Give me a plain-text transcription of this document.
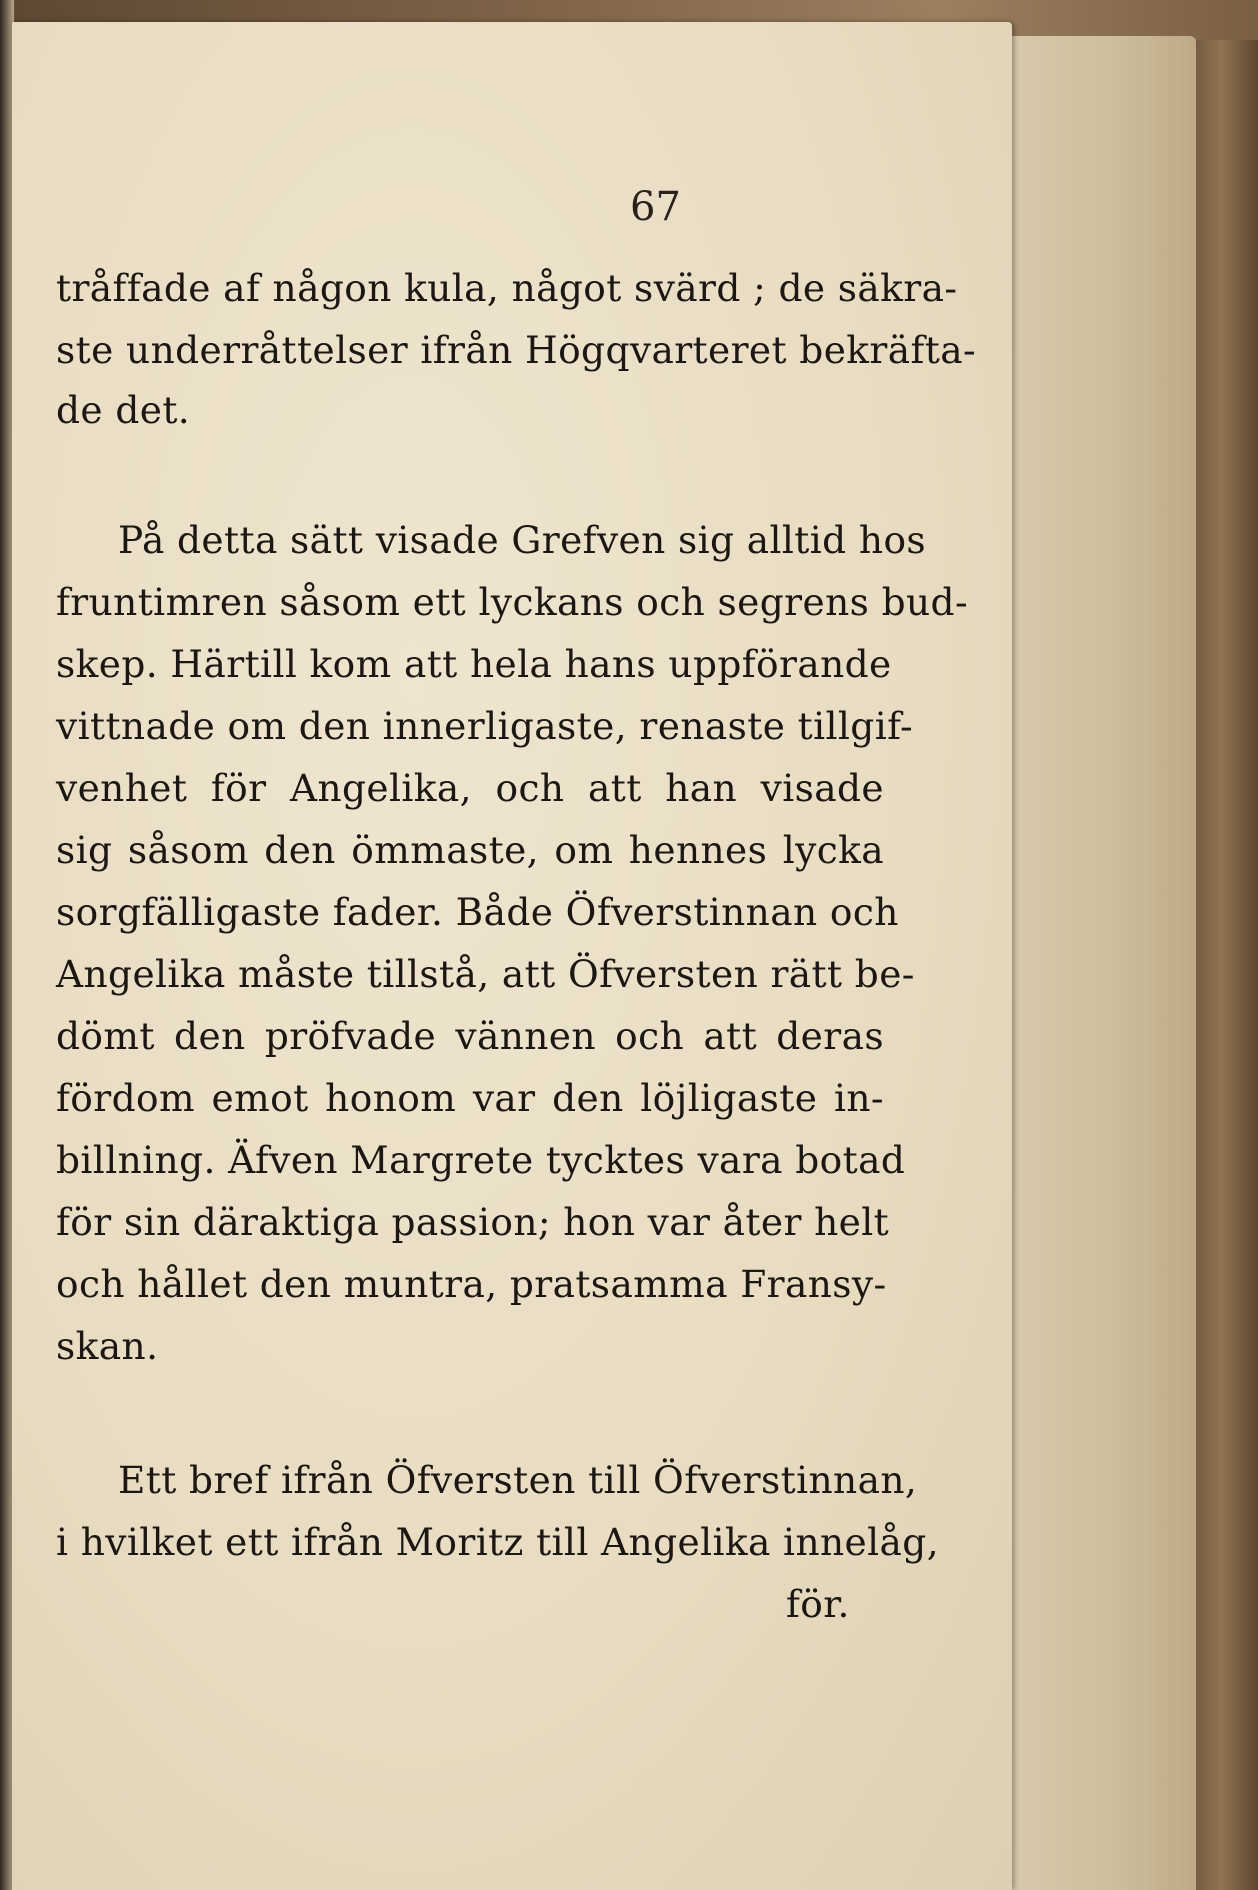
67
tråffade af någon kula, något svärd ; de säkra-
ste underråttelser ifrån Högqvarteret bekräfta-
de det.
På detta sätt visade Grefven sig alltid hos
fruntimren såsom ett lyckans och segrens bud-
skep. Härtill kom att hela hans uppförande
vittnade om den innerligaste, renaste tillgif-
venhet för Angelika, och att han visade
sig såsom den ömmaste, om hennes lycka
sorgfälligaste fader. Både Öfverstinnan och
Angelika måste tillstå, att Öfversten rätt be-
dömt den pröfvade vännen och att deras
fördom emot honom var den löjligaste in-
billning. Äfven Margrete tycktes vara botad
för sin däraktiga passion; hon var åter helt
och hållet den muntra, pratsamma Fransy-
skan.
Ett bref ifrån Öfversten till Öfverstinnan,
i hvilket ett ifrån Moritz till Angelika innelåg,
för.
